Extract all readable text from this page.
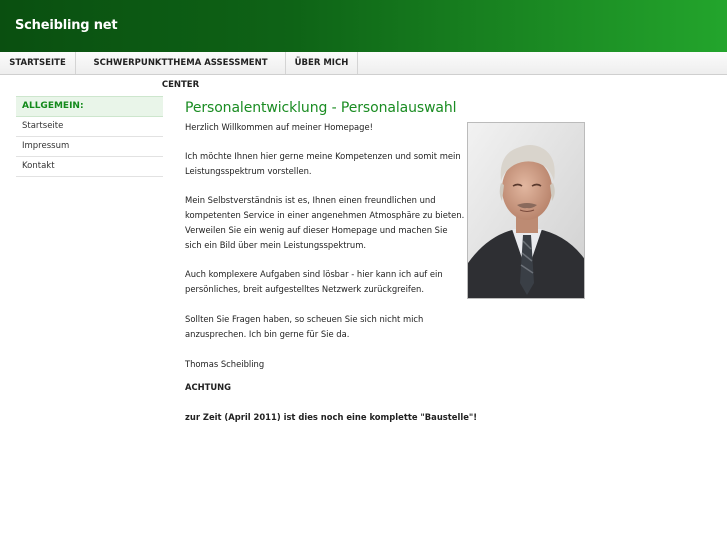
Scheibling net
STARTSEITE	SCHWERPUNKTTHEMA ASSESSMENT CENTER
ÜBER MICH
ALLGEMEIN:
Startseite
Impressum
Kontakt
Personalentwicklung - Personalauswahl
Herzlich Willkommen auf meiner Homepage!
Ich möchte Ihnen hier gerne meine Kompetenzen und somit mein
Leistungsspektrum vorstellen.
Mein Selbstverständnis ist es, Ihnen einen freundlichen und
kompetenten Service in einer angenehmen Atmosphäre zu bieten.
Verweilen Sie ein wenig auf dieser Homepage und machen Sie
sich ein Bild über mein Leistungsspektrum.
Auch komplexere Aufgaben sind lösbar - hier kann ich auf ein
persönliches, breit aufgestelltes Netzwerk zurückgreifen.
Sollten Sie Fragen haben, so scheuen Sie sich nicht mich
anzusprechen. Ich bin gerne für Sie da.
Thomas Scheibling
ACHTUNG
zur Zeit (April 2011) ist dies noch eine komplette "Baustelle"!
